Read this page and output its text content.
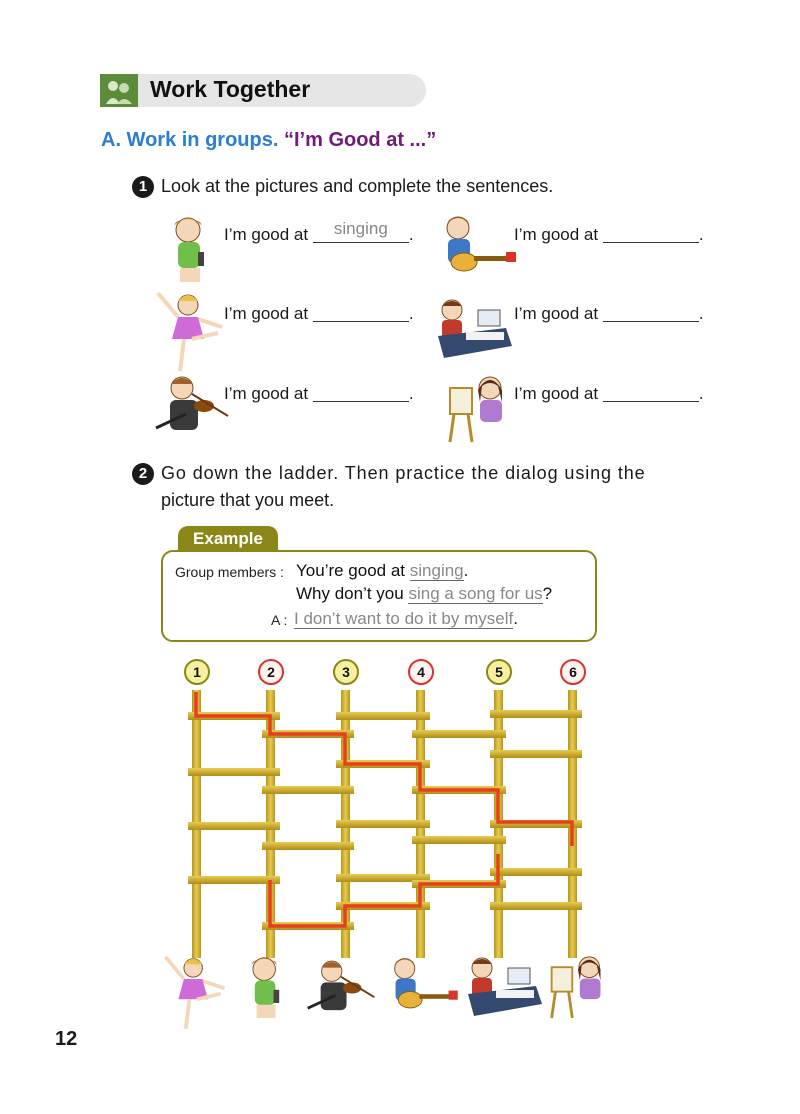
Work Together
A. Work in groups. “I’m Good at ...”
1 Look at the pictures and complete the sentences.
I’m good at singing .	I’m good at	.
I’m good at	.	I’m good at	.
I’m good at	.	I’m good at	.
2 Go down the ladder. Then practice the dialog using the
picture that you meet.
Example
Group members : You’re good at singing.
Why don’t you sing a song for us?
A : I don’t want to do it by myself.
1	2	3	4	5	6
12
